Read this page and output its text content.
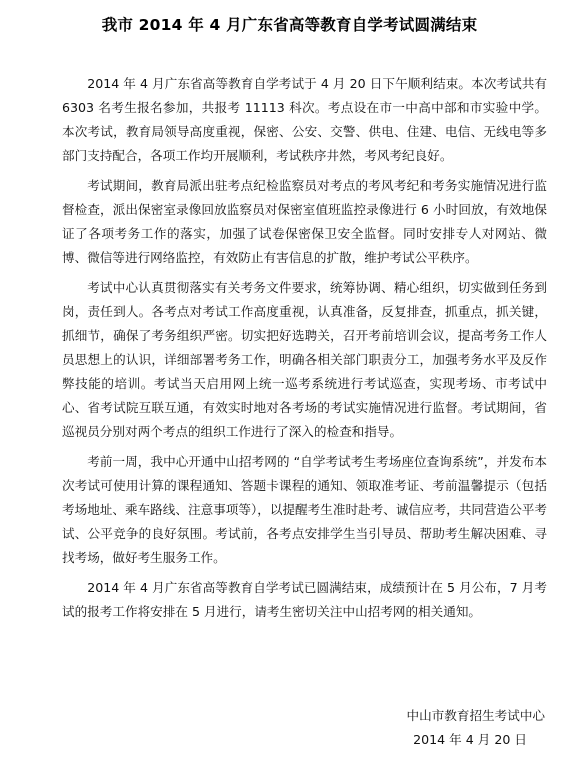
我市 2014 年 4 月广东省高等教育自学考试圆满结束

2014 年 4 月广东省高等教育自学考试于 4 月 20 日下午顺利结束。本次考试共有 6303 名考生报名参加，共报考 11113 科次。考点设在市一中高中部和市实验中学。本次考试，教育局领导高度重视，保密、公安、交警、供电、住建、电信、无线电等多部门支持配合，各项工作均开展顺利，考试秩序井然，考风考纪良好。

考试期间，教育局派出驻考点纪检监察员对考点的考风考纪和考务实施情况进行监督检查，派出保密室录像回放监察员对保密室值班监控录像进行 6 小时回放，有效地保证了各项考务工作的落实，加强了试卷保密保卫安全监督。同时安排专人对网站、微博、微信等进行网络监控，有效防止有害信息的扩散，维护考试公平秩序。

考试中心认真贯彻落实有关考务文件要求，统筹协调、精心组织，切实做到任务到岗，责任到人。各考点对考试工作高度重视，认真准备，反复排查，抓重点，抓关键，抓细节，确保了考务组织严密。切实把好选聘关，召开考前培训会议，提高考务工作人员思想上的认识，详细部署考务工作，明确各相关部门职责分工，加强考务水平及反作弊技能的培训。考试当天启用网上统一巡考系统进行考试巡查，实现考场、市考试中心、省考试院互联互通，有效实时地对各考场的考试实施情况进行监督。考试期间，省巡视员分别对两个考点的组织工作进行了深入的检查和指导。

考前一周，我中心开通中山招考网的 “自学考试考生考场座位查询系统”，并发布本次考试可使用计算的课程通知、答题卡课程的通知、领取准考证、考前温馨提示（包括考场地址、乘车路线、注意事项等），以提醒考生准时赴考、诚信应考，共同营造公平考试、公平竞争的良好氛围。考试前，各考点安排学生当引导员、帮助考生解决困难、寻找考场，做好考生服务工作。

2014 年 4 月广东省高等教育自学考试已圆满结束，成绩预计在 5 月公布，7 月考试的报考工作将安排在 5 月进行，请考生密切关注中山招考网的相关通知。

中山市教育招生考试中心
2014 年 4 月 20 日
